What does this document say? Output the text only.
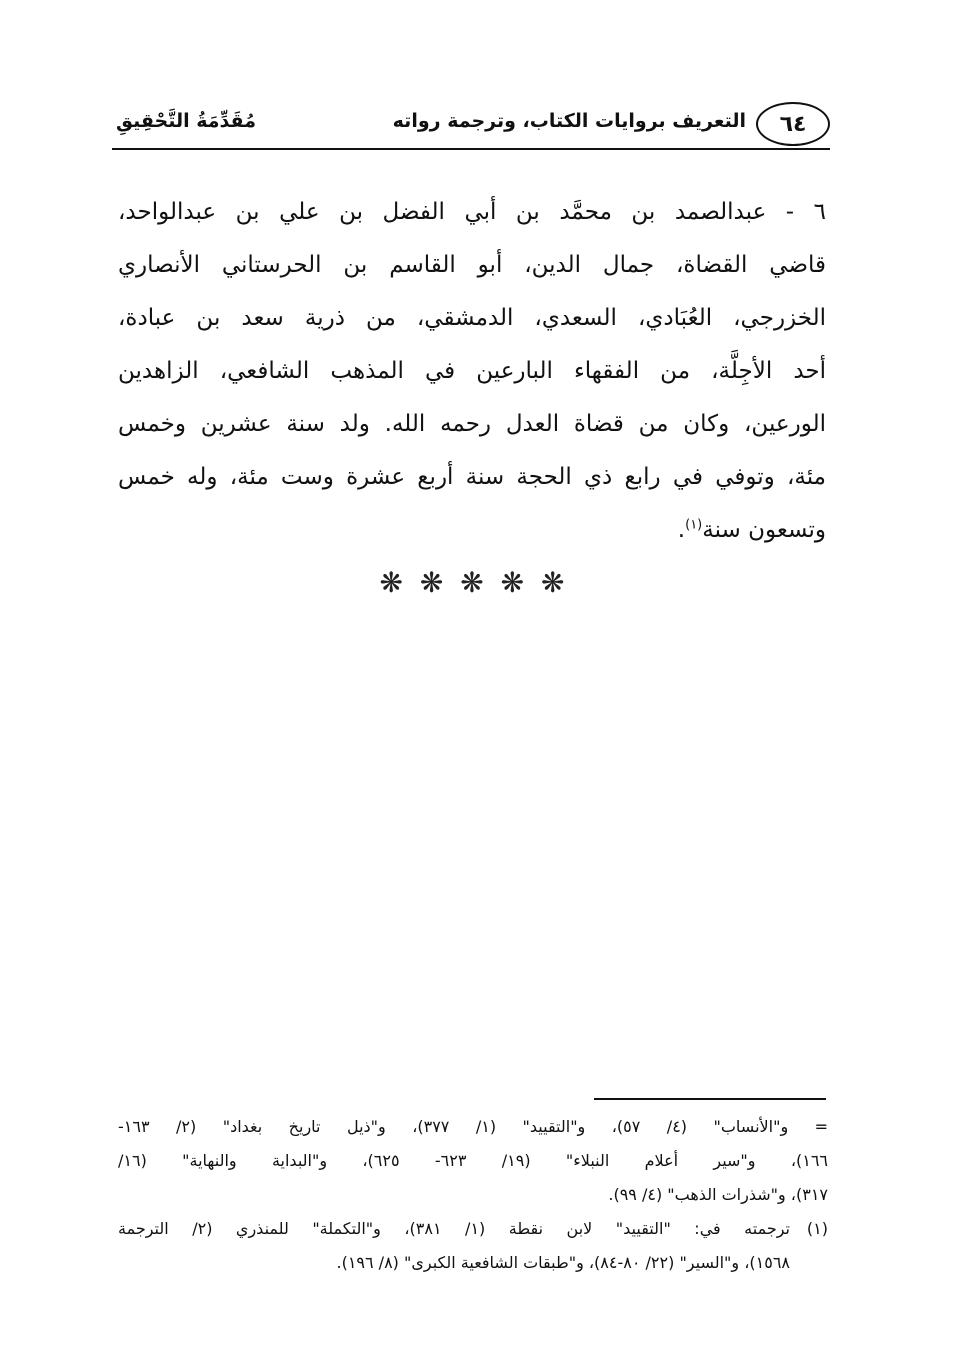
٦٤
التعريف بروايات الكتاب، وترجمة رواته
مُقَدِّمَةُ التَّحْقِيقِ
٦ - عبدالصمد بن محمَّد بن أبي الفضل بن علي بن عبدالواحد،
قاضي القضاة، جمال الدين، أبو القاسم بن الحرستاني الأنصاري
الخزرجي، العُبَادي، السعدي، الدمشقي، من ذرية سعد بن عبادة،
أحد الأجِلَّة، من الفقهاء البارعين في المذهب الشافعي، الزاهدين
الورعين، وكان من قضاة العدل رحمه الله. ولد سنة عشرين وخمس
مئة، وتوفي في رابع ذي الحجة سنة أربع عشرة وست مئة، وله خمس
وتسعون سنة$^{(١)}$.
❋ ❋ ❋ ❋ ❋
= و"الأنساب" (٤/ ٥٧)، و"التقييد" (١/ ٣٧٧)، و"ذيل تاريخ بغداد" (٢/ ١٦٣-
١٦٦)، و"سير أعلام النبلاء" (١٩/ ٦٢٣- ٦٢٥)، و"البداية والنهاية" (١٦/
٣١٧)، و"شذرات الذهب" (٤/ ٩٩).
(١)
ترجمته في: "التقييد" لابن نقطة (١/ ٣٨١)، و"التكملة" للمنذري (٢/ الترجمة
١٥٦٨)، و"السير" (٢٢/ ٨٠-٨٤)، و"طبقات الشافعية الكبرى" (٨/ ١٩٦).
